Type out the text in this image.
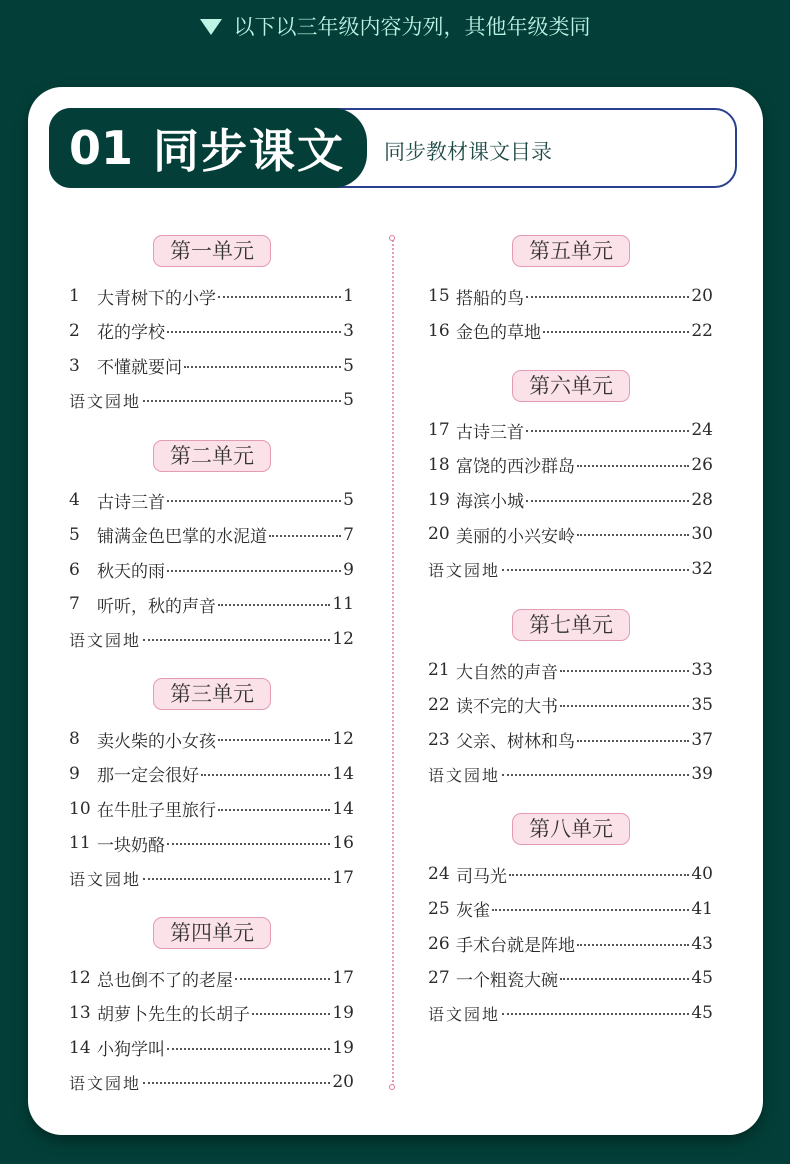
以下以三年级内容为列，其他年级类同
01 同步课文 同步教材课文目录
第一单元
1	大青树下的小学	1
2	花的学校	3
3	不懂就要问	5
语文园地	5
第二单元
4	古诗三首	5
5	铺满金色巴掌的水泥道	7
6	秋天的雨	9
7	听听，秋的声音	11
语文园地	12
第三单元
8	卖火柴的小女孩	12
9	那一定会很好	14
10 在牛肚子里旅行	14
11 一块奶酪	16
语文园地	17
第四单元
12 总也倒不了的老屋	17
13 胡萝卜先生的长胡子	19
14 小狗学叫	19
语文园地	20
第五单元
15 搭船的鸟	20
16 金色的草地	22
第六单元
17 古诗三首	24
18 富饶的西沙群岛	26
19 海滨小城	28
20 美丽的小兴安岭	30
语文园地	32
第七单元
21 大自然的声音	33
22 读不完的大书	35
23 父亲、树林和鸟	37
语文园地	39
第八单元
24 司马光	40
25 灰雀	41
26 手术台就是阵地	43
27 一个粗瓷大碗	45
语文园地	45
